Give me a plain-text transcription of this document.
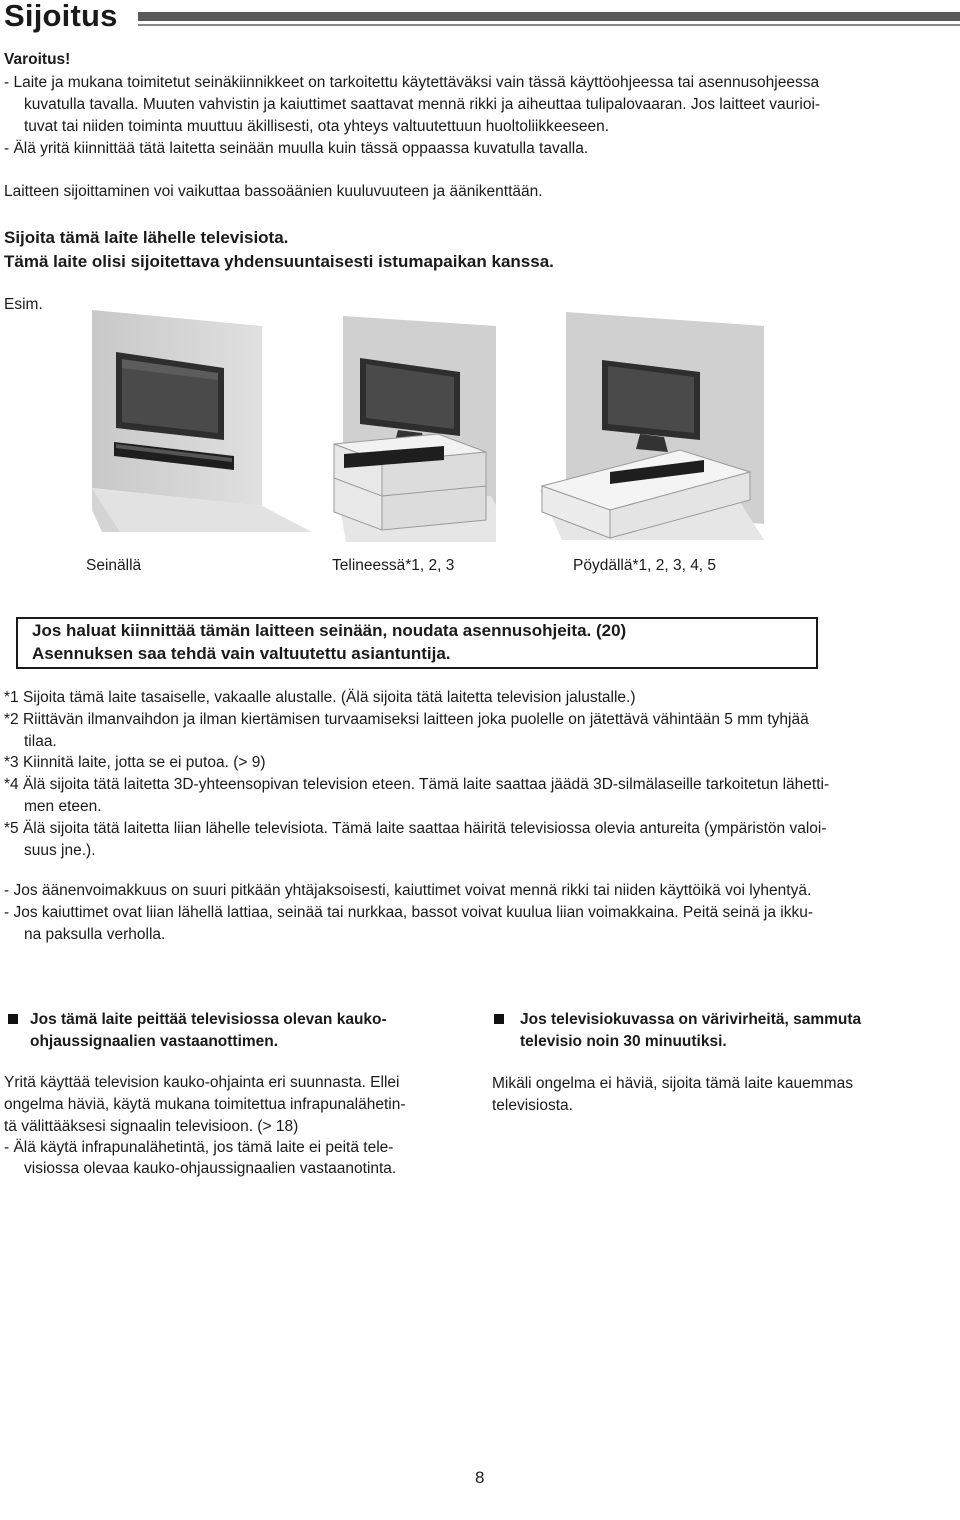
Sijoitus
Varoitus!
- Laite ja mukana toimitetut seinäkiinnikkeet on tarkoitettu käytettäväksi vain tässä käyttöohjeessa tai asennusohjeessa
kuvatulla tavalla. Muuten vahvistin ja kaiuttimet saattavat mennä rikki ja aiheuttaa tulipalovaaran. Jos laitteet vaurioi-
tuvat tai niiden toiminta muuttuu äkillisesti, ota yhteys valtuutettuun huoltoliikkeeseen.
- Älä yritä kiinnittää tätä laitetta seinään muulla kuin tässä oppaassa kuvatulla tavalla.
Laitteen sijoittaminen voi vaikuttaa bassoäänien kuuluvuuteen ja äänikenttään.
Sijoita tämä laite lähelle televisiota.
Tämä laite olisi sijoitettava yhdensuuntaisesti istumapaikan kanssa.
Esim.
Seinällä	Telineessä*1, 2, 3	Pöydällä*1, 2, 3, 4, 5
Jos haluat kiinnittää tämän laitteen seinään, noudata asennusohjeita. (20)
Asennuksen saa tehdä vain valtuutettu asiantuntija.
*1 Sijoita tämä laite tasaiselle, vakaalle alustalle. (Älä sijoita tätä laitetta television jalustalle.)
*2 Riittävän ilmanvaihdon ja ilman kiertämisen turvaamiseksi laitteen joka puolelle on jätettävä vähintään 5 mm tyhjää
tilaa.
*3 Kiinnitä laite, jotta se ei putoa. (> 9)
*4 Älä sijoita tätä laitetta 3D-yhteensopivan television eteen. Tämä laite saattaa jäädä 3D-silmälaseille tarkoitetun lähetti-
men eteen.
*5 Älä sijoita tätä laitetta liian lähelle televisiota. Tämä laite saattaa häiritä televisiossa olevia antureita (ympäristön valoi-
suus jne.).
- Jos äänenvoimakkuus on suuri pitkään yhtäjaksoisesti, kaiuttimet voivat mennä rikki tai niiden käyttöikä voi lyhentyä.
- Jos kaiuttimet ovat liian lähellä lattiaa, seinää tai nurkkaa, bassot voivat kuulua liian voimakkaina. Peitä seinä ja ikku-
na paksulla verholla.
Jos tämä laite peittää televisiossa olevan kauko-
ohjaussignaalien vastaanottimen.
Yritä käyttää television kauko-ohjainta eri suunnasta. Ellei
ongelma häviä, käytä mukana toimitettua infrapunalähetin-
tä välittääksesi signaalin televisioon. (> 18)
- Älä käytä infrapunalähetintä, jos tämä laite ei peitä tele-
visiossa olevaa kauko-ohjaussignaalien vastaanotinta.
Jos televisiokuvassa on värivirheitä, sammuta
televisio noin 30 minuutiksi.
Mikäli ongelma ei häviä, sijoita tämä laite kauemmas
televisiosta.
8
